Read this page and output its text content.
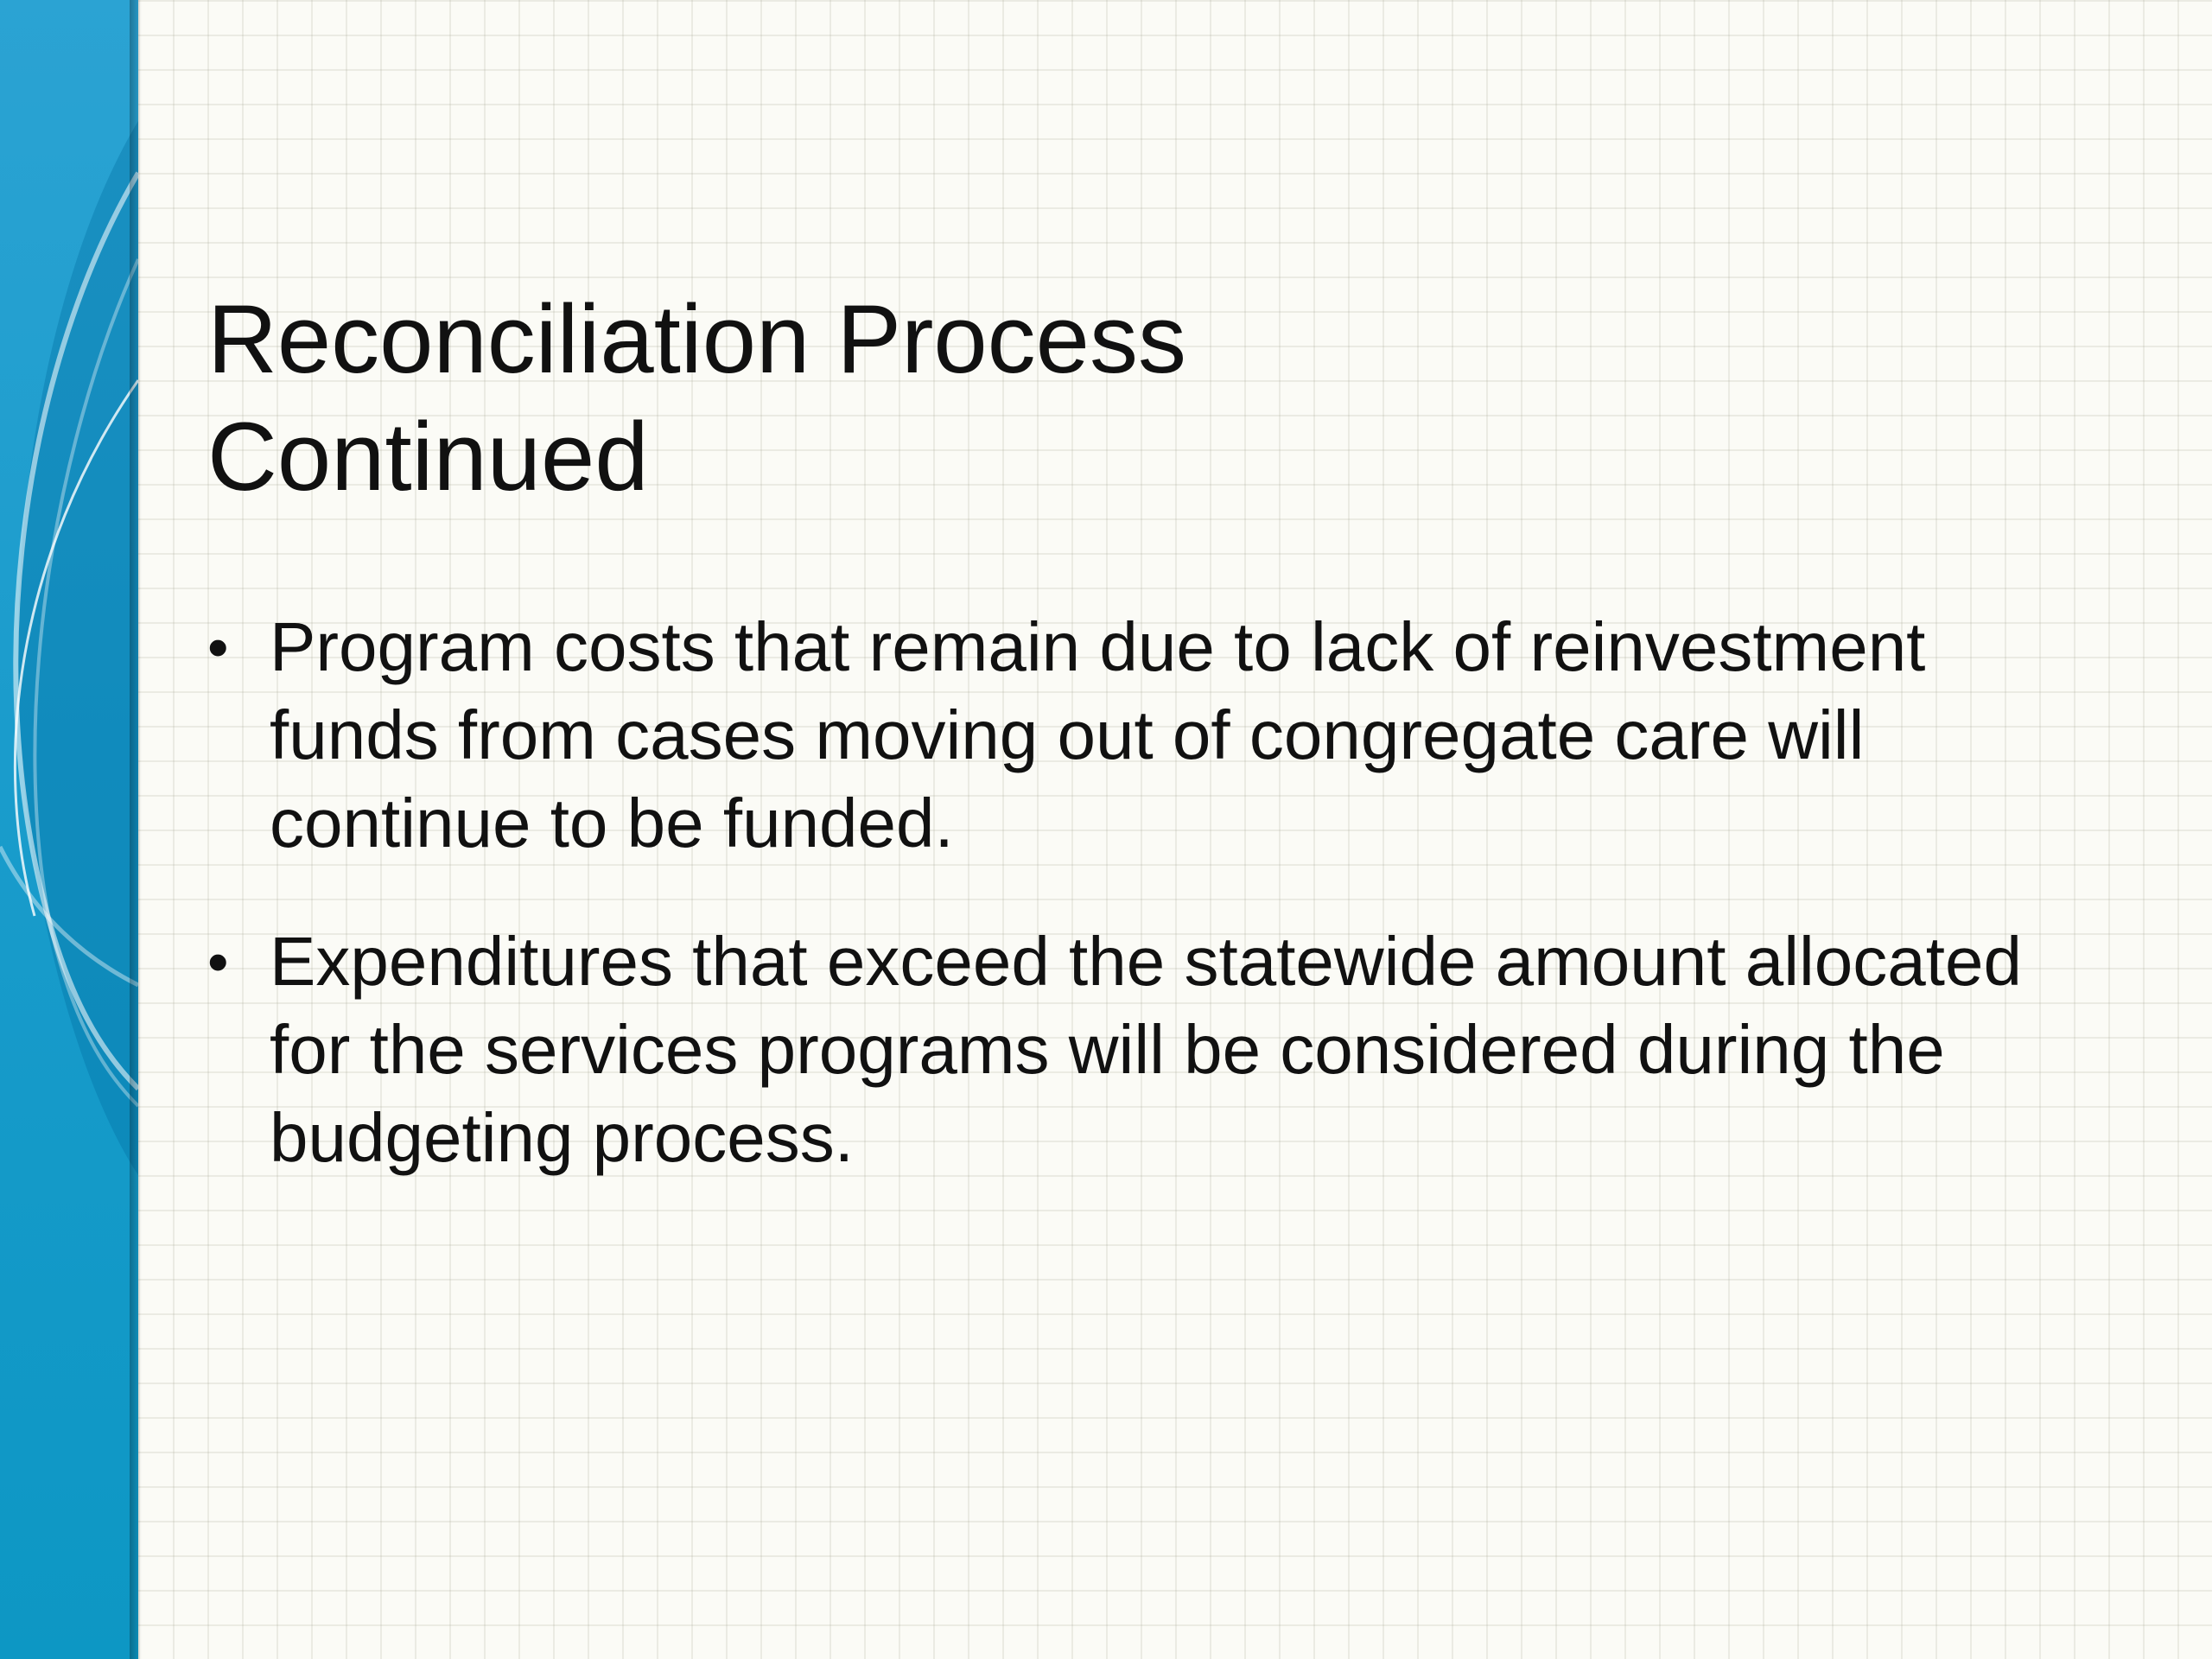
Reconciliation Process
Continued
• Program costs that remain due to lack of reinvestment funds from cases moving out of congregate care will continue to be funded.
• Expenditures that exceed the statewide amount allocated for the services programs will be considered during the budgeting process.
